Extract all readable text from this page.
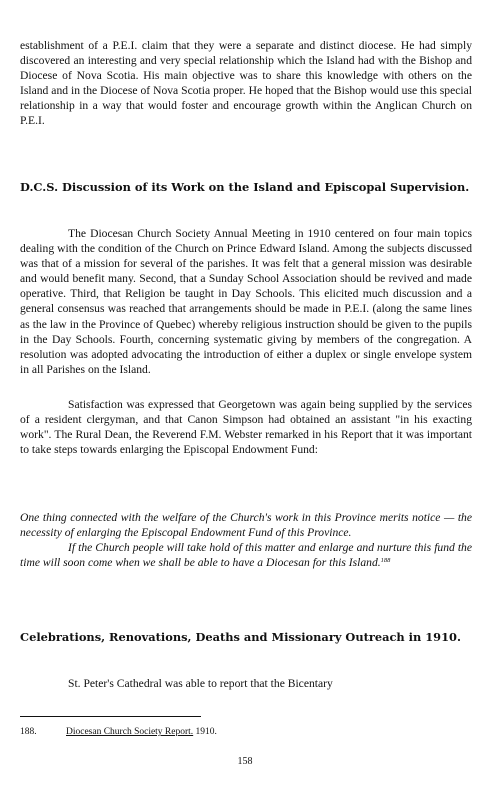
establishment of a P.E.I. claim that they were a separate and distinct diocese. He had simply discovered an interesting and very special relationship which the Island had with the Bishop and Diocese of Nova Scotia. His main objective was to share this knowledge with others on the Island and in the Diocese of Nova Scotia proper. He hoped that the Bishop would use this special relationship in a way that would foster and encourage growth within the Anglican Church on P.E.I.

D.C.S. Discussion of its Work on the Island and Episcopal Supervision.

The Diocesan Church Society Annual Meeting in 1910 centered on four main topics dealing with the condition of the Church on Prince Edward Island. Among the subjects discussed was that of a mission for several of the parishes. It was felt that a general mission was desirable and would benefit many. Second, that a Sunday School Association should be revived and made operative. Third, that Religion be taught in Day Schools. This elicited much discussion and a general consensus was reached that arrangements should be made in P.E.I. (along the same lines as the law in the Province of Quebec) whereby religious instruction should be given to the pupils in the Day Schools. Fourth, concerning systematic giving by members of the congregation. A resolution was adopted advocating the introduction of either a duplex or single envelope system in all Parishes on the Island.

Satisfaction was expressed that Georgetown was again being supplied by the services of a resident clergyman, and that Canon Simpson had obtained an assistant "in his exacting work". The Rural Dean, the Reverend F.M. Webster remarked in his Report that it was important to take steps towards enlarging the Episcopal Endowment Fund:

One thing connected with the welfare of the Church's work in this Province merits notice — the necessity of enlarging the Episcopal Endowment Fund of this Province.

If the Church people will take hold of this matter and enlarge and nurture this fund the time will soon come when we shall be able to have a Diocesan for this Island.$^{188}$

Celebrations, Renovations, Deaths and Missionary Outreach in 1910.

St. Peter's Cathedral was able to report that the Bicentary

188.	Diocesan Church Society Report. 1910.
158
